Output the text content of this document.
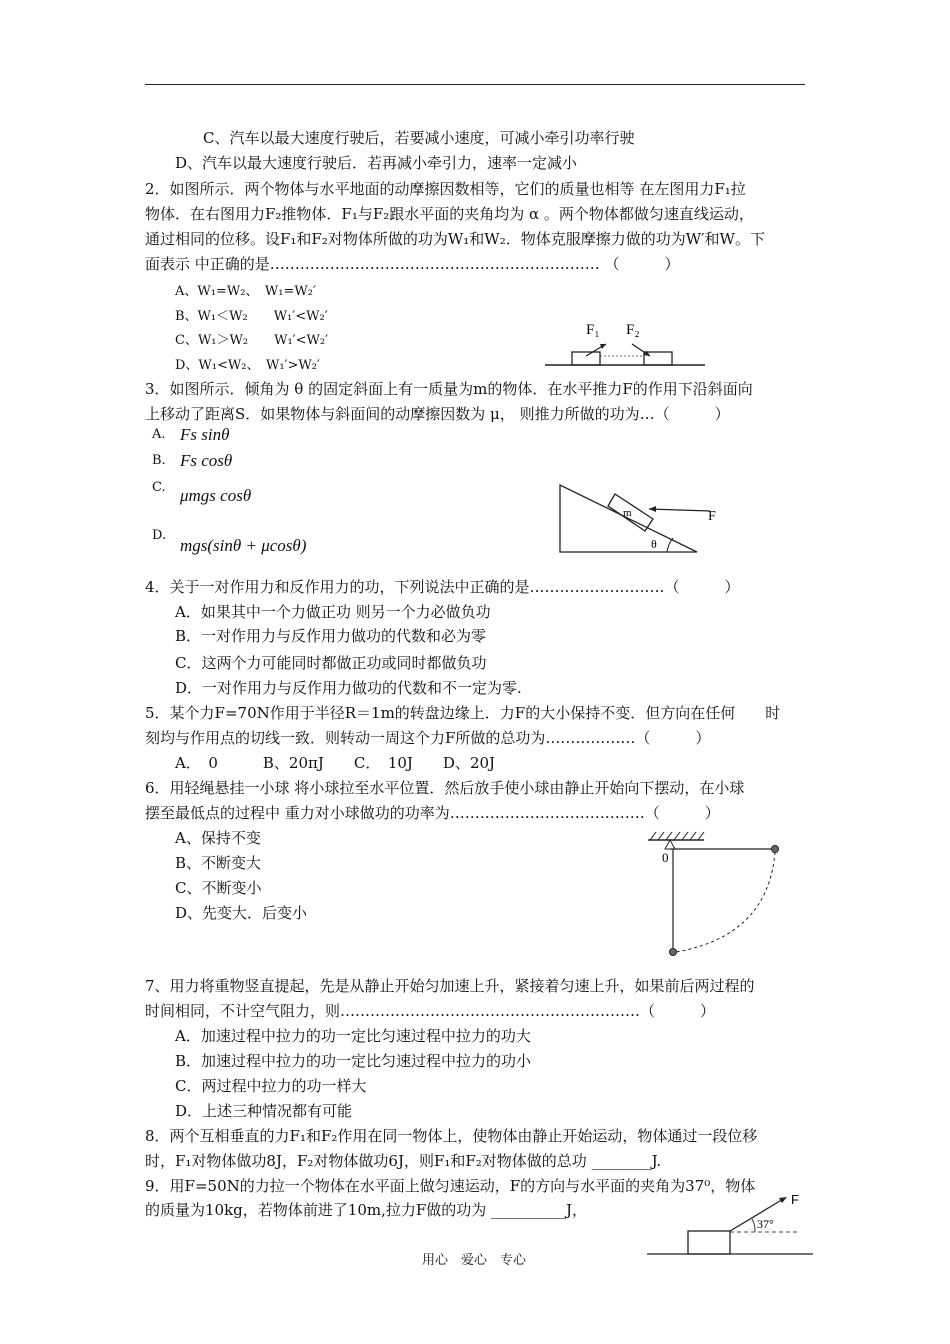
C、汽车以最大速度行驶后，若要减小速度，可减小牵引功率行驶
D、汽车以最大速度行驶后．若再减小牵引力，速率一定减小
2．如图所示．两个物体与水平地面的动摩擦因数相等，它们的质量也相等 在左图用力F₁拉
物体．在右图用力F₂推物体．F₁与F₂跟水平面的夹角均为 α 。两个物体都做匀速直线运动，
通过相同的位移。设F₁和F₂对物体所做的功为W₁和W₂．物体克服摩擦力做的功为W′和W。下
面表示 中正确的是………………………………………………………… （　　　）
A、W₁=W₂、　W₁=W₂′
B、W₁＜W₂　　W₁′<W₂′
C、W₁＞W₂　　W₁′<W₂′
D、W₁<W₂、　W₁′>W₂′
F₁ F₂
3．如图所示．倾角为 θ 的固定斜面上有一质量为m的物体．在水平推力F的作用下沿斜面向
上移动了距离S．如果物体与斜面间的动摩擦因数为 μ， 则推力所做的功为…（　　　）
A. Fs sinθ
B. Fs cosθ
C. μmgs cosθ
D.
mgs(sinθ + μcosθ)
m	F
θ
4．关于一对作用力和反作用力的功，下列说法中正确的是………………………（　　　）
A．如果其中一个力做正功 则另一个力必做负功
B．一对作用力与反作用力做功的代数和必为零
C．这两个力可能同时都做正功或同时都做负功
D．一对作用力与反作用力做功的代数和不一定为零.
5．某个力F=70N作用于半径R＝1m的转盘边缘上．力F的大小保持不变．但方向在任何　　时
刻均与作用点的切线一致．则转动一周这个力F所做的总功为………………（　　　）
A．　0　　　B、20πJ　　C．　10J　　D、20J
6．用轻绳悬挂一小球 将小球拉至水平位置．然后放手使小球由静止开始向下摆动，在小球
摆至最低点的过程中 重力对小球做功的功率为…………………………………（　　　）
A、保持不变
B、不断变大
C、不断变小
D、先变大．后变小
0
7、用力将重物竖直提起，先是从静止开始匀加速上升，紧接着匀速上升，如果前后两过程的
时间相同，不计空气阻力，则……………………………………………………（　　　）
A．加速过程中拉力的功一定比匀速过程中拉力的功大
B．加速过程中拉力的功一定比匀速过程中拉力的功小
C．两过程中拉力的功一样大
D．上述三种情况都有可能
8．两个互相垂直的力F₁和F₂作用在同一物体上，使物体由静止开始运动，物体通过一段位移
时，F₁对物体做功8J，F₂对物体做功6J，则F₁和F₂对物体做的总功 ________J.
9．用F=50N的力拉一个物体在水平面上做匀速运动，F的方向与水平面的夹角为37⁰，物体
的质量为10kg，若物体前进了10m,拉力F做的功为 __________J，
F
37°
用心　爱心　专心
